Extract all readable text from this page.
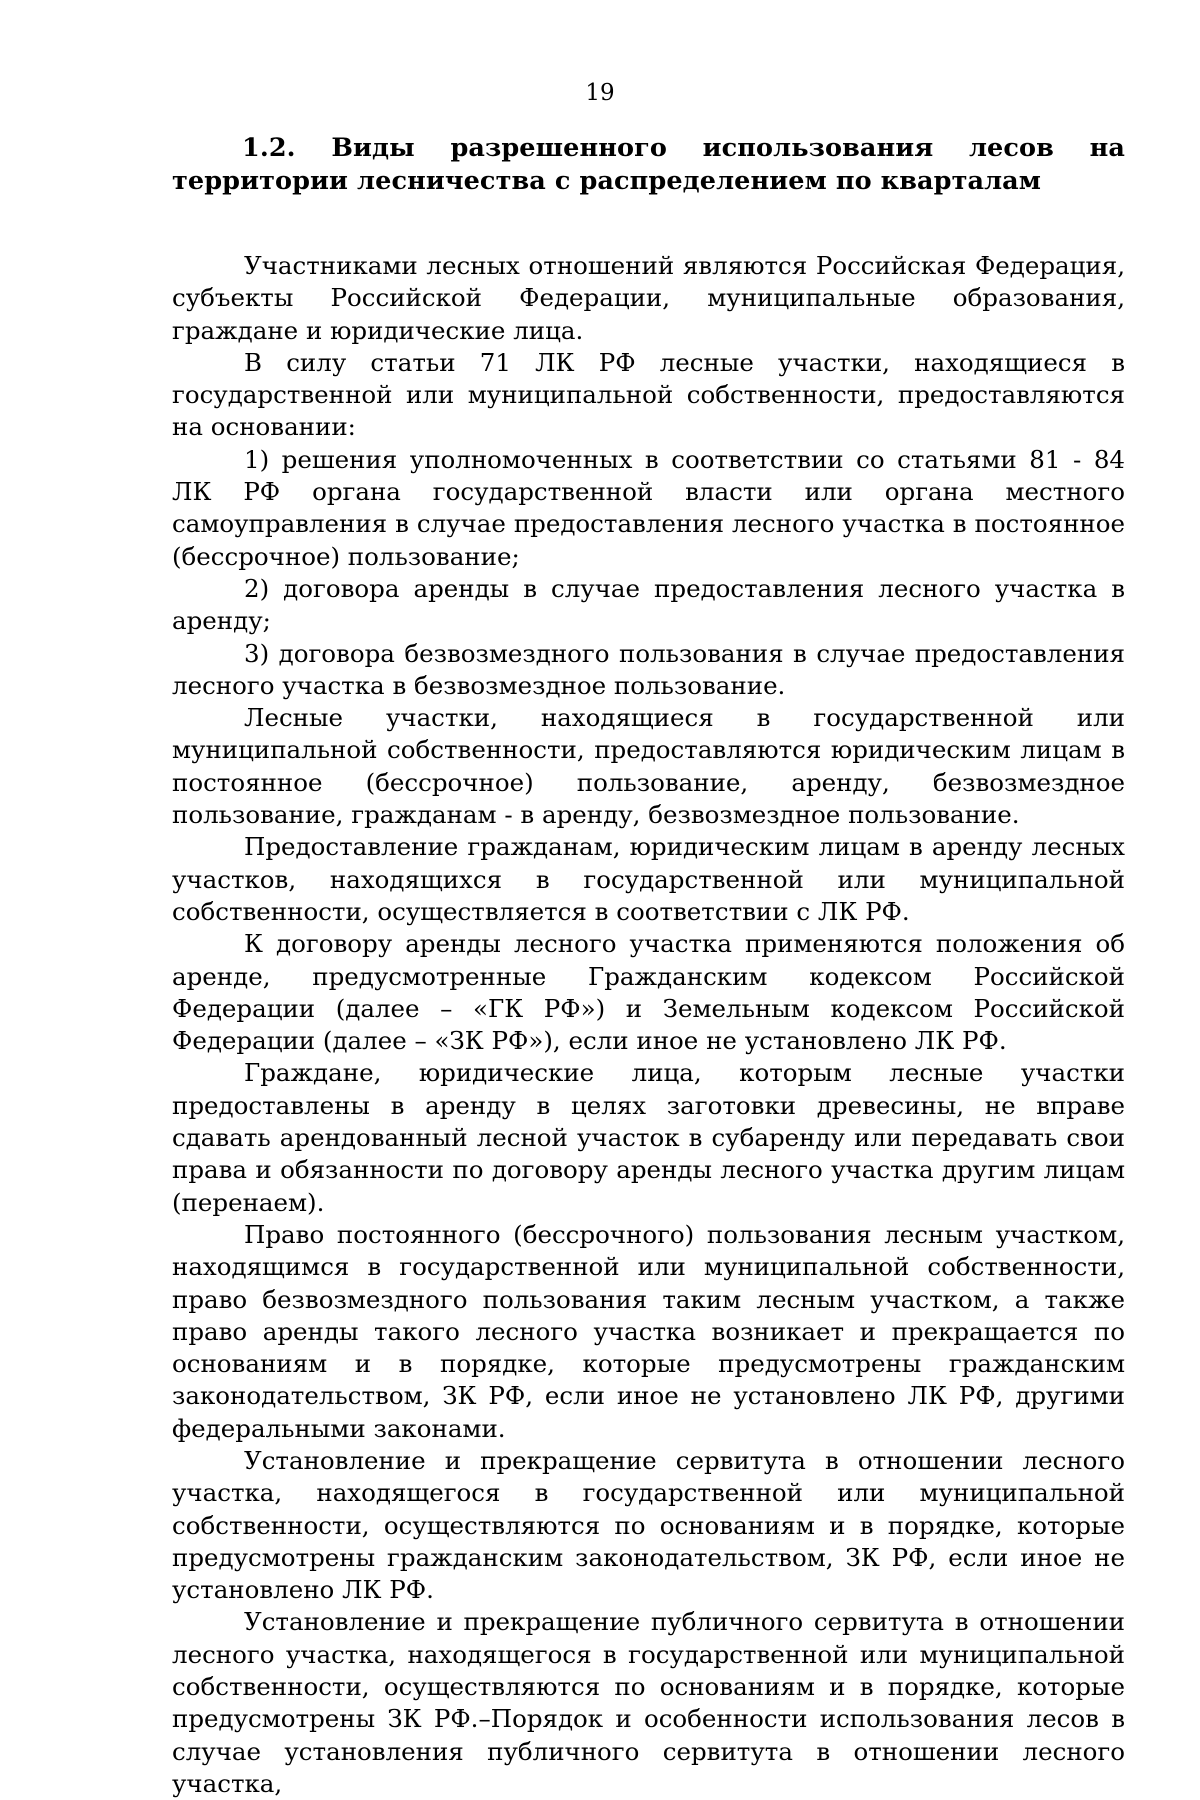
19
1.2. Виды разрешенного использования лесов на территории лесничества с распределением по кварталам

Участниками лесных отношений являются Российская Федерация, субъекты Российской Федерации, муниципальные образования, граждане и юридические лица.

В силу статьи 71 ЛК РФ лесные участки, находящиеся в государственной или муниципальной собственности, предоставляются на основании:

1) решения уполномоченных в соответствии со статьями 81 - 84 ЛК РФ органа государственной власти или органа местного самоуправления в случае предоставления лесного участка в постоянное (бессрочное) пользование;

2) договора аренды в случае предоставления лесного участка в аренду;

3) договора безвозмездного пользования в случае предоставления лесного участка в безвозмездное пользование.

Лесные участки, находящиеся в государственной или муниципальной собственности, предоставляются юридическим лицам в постоянное (бессрочное) пользование, аренду, безвозмездное пользование, гражданам - в аренду, безвозмездное пользование.

Предоставление гражданам, юридическим лицам в аренду лесных участков, находящихся в государственной или муниципальной собственности, осуществляется в соответствии с ЛК РФ.

К договору аренды лесного участка применяются положения об аренде, предусмотренные Гражданским кодексом Российской Федерации (далее – «ГК РФ») и Земельным кодексом Российской Федерации (далее – «ЗК РФ»), если иное не установлено ЛК РФ.

Граждане, юридические лица, которым лесные участки предоставлены в аренду в целях заготовки древесины, не вправе сдавать арендованный лесной участок в субаренду или передавать свои права и обязанности по договору аренды лесного участка другим лицам (перенаем).

Право постоянного (бессрочного) пользования лесным участком, находящимся в государственной или муниципальной собственности, право безвозмездного пользования таким лесным участком, а также право аренды такого лесного участка возникает и прекращается по основаниям и в порядке, которые предусмотрены гражданским законодательством, ЗК РФ, если иное не установлено ЛК РФ, другими федеральными законами.

Установление и прекращение сервитута в отношении лесного участка, находящегося в государственной или муниципальной собственности, осуществляются по основаниям и в порядке, которые предусмотрены гражданским законодательством, ЗК РФ, если иное не установлено ЛК РФ.

Установление и прекращение публичного сервитута в отношении лесного участка, находящегося в государственной или муниципальной собственности, осуществляются по основаниям и в порядке, которые предусмотрены ЗК РФ.–Порядок и особенности использования лесов в случае установления публичного сервитута в отношении лесного участка,
